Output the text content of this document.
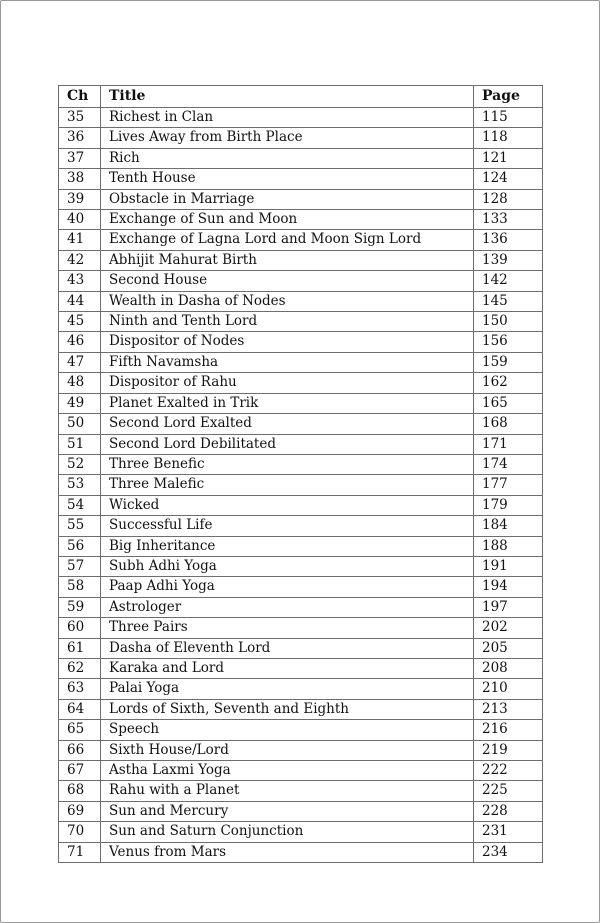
Ch	Title	Page
35	Richest in Clan	115
36	Lives Away from Birth Place	118
37	Rich	121
38	Tenth House	124
39	Obstacle in Marriage	128
40	Exchange of Sun and Moon	133
41	Exchange of Lagna Lord and Moon Sign Lord	136
42	Abhijit Mahurat Birth	139
43	Second House	142
44	Wealth in Dasha of Nodes	145
45	Ninth and Tenth Lord	150
46	Dispositor of Nodes	156
47	Fifth Navamsha	159
48	Dispositor of Rahu	162
49	Planet Exalted in Trik	165
50	Second Lord Exalted	168
51	Second Lord Debilitated	171
52	Three Benefic	174
53	Three Malefic	177
54	Wicked	179
55	Successful Life	184
56	Big Inheritance	188
57	Subh Adhi Yoga	191
58	Paap Adhi Yoga	194
59	Astrologer	197
60	Three Pairs	202
61	Dasha of Eleventh Lord	205
62	Karaka and Lord	208
63	Palai Yoga	210
64	Lords of Sixth, Seventh and Eighth	213
65	Speech	216
66	Sixth House/Lord	219
67	Astha Laxmi Yoga	222
68	Rahu with a Planet	225
69	Sun and Mercury	228
70	Sun and Saturn Conjunction	231
71	Venus from Mars	234
